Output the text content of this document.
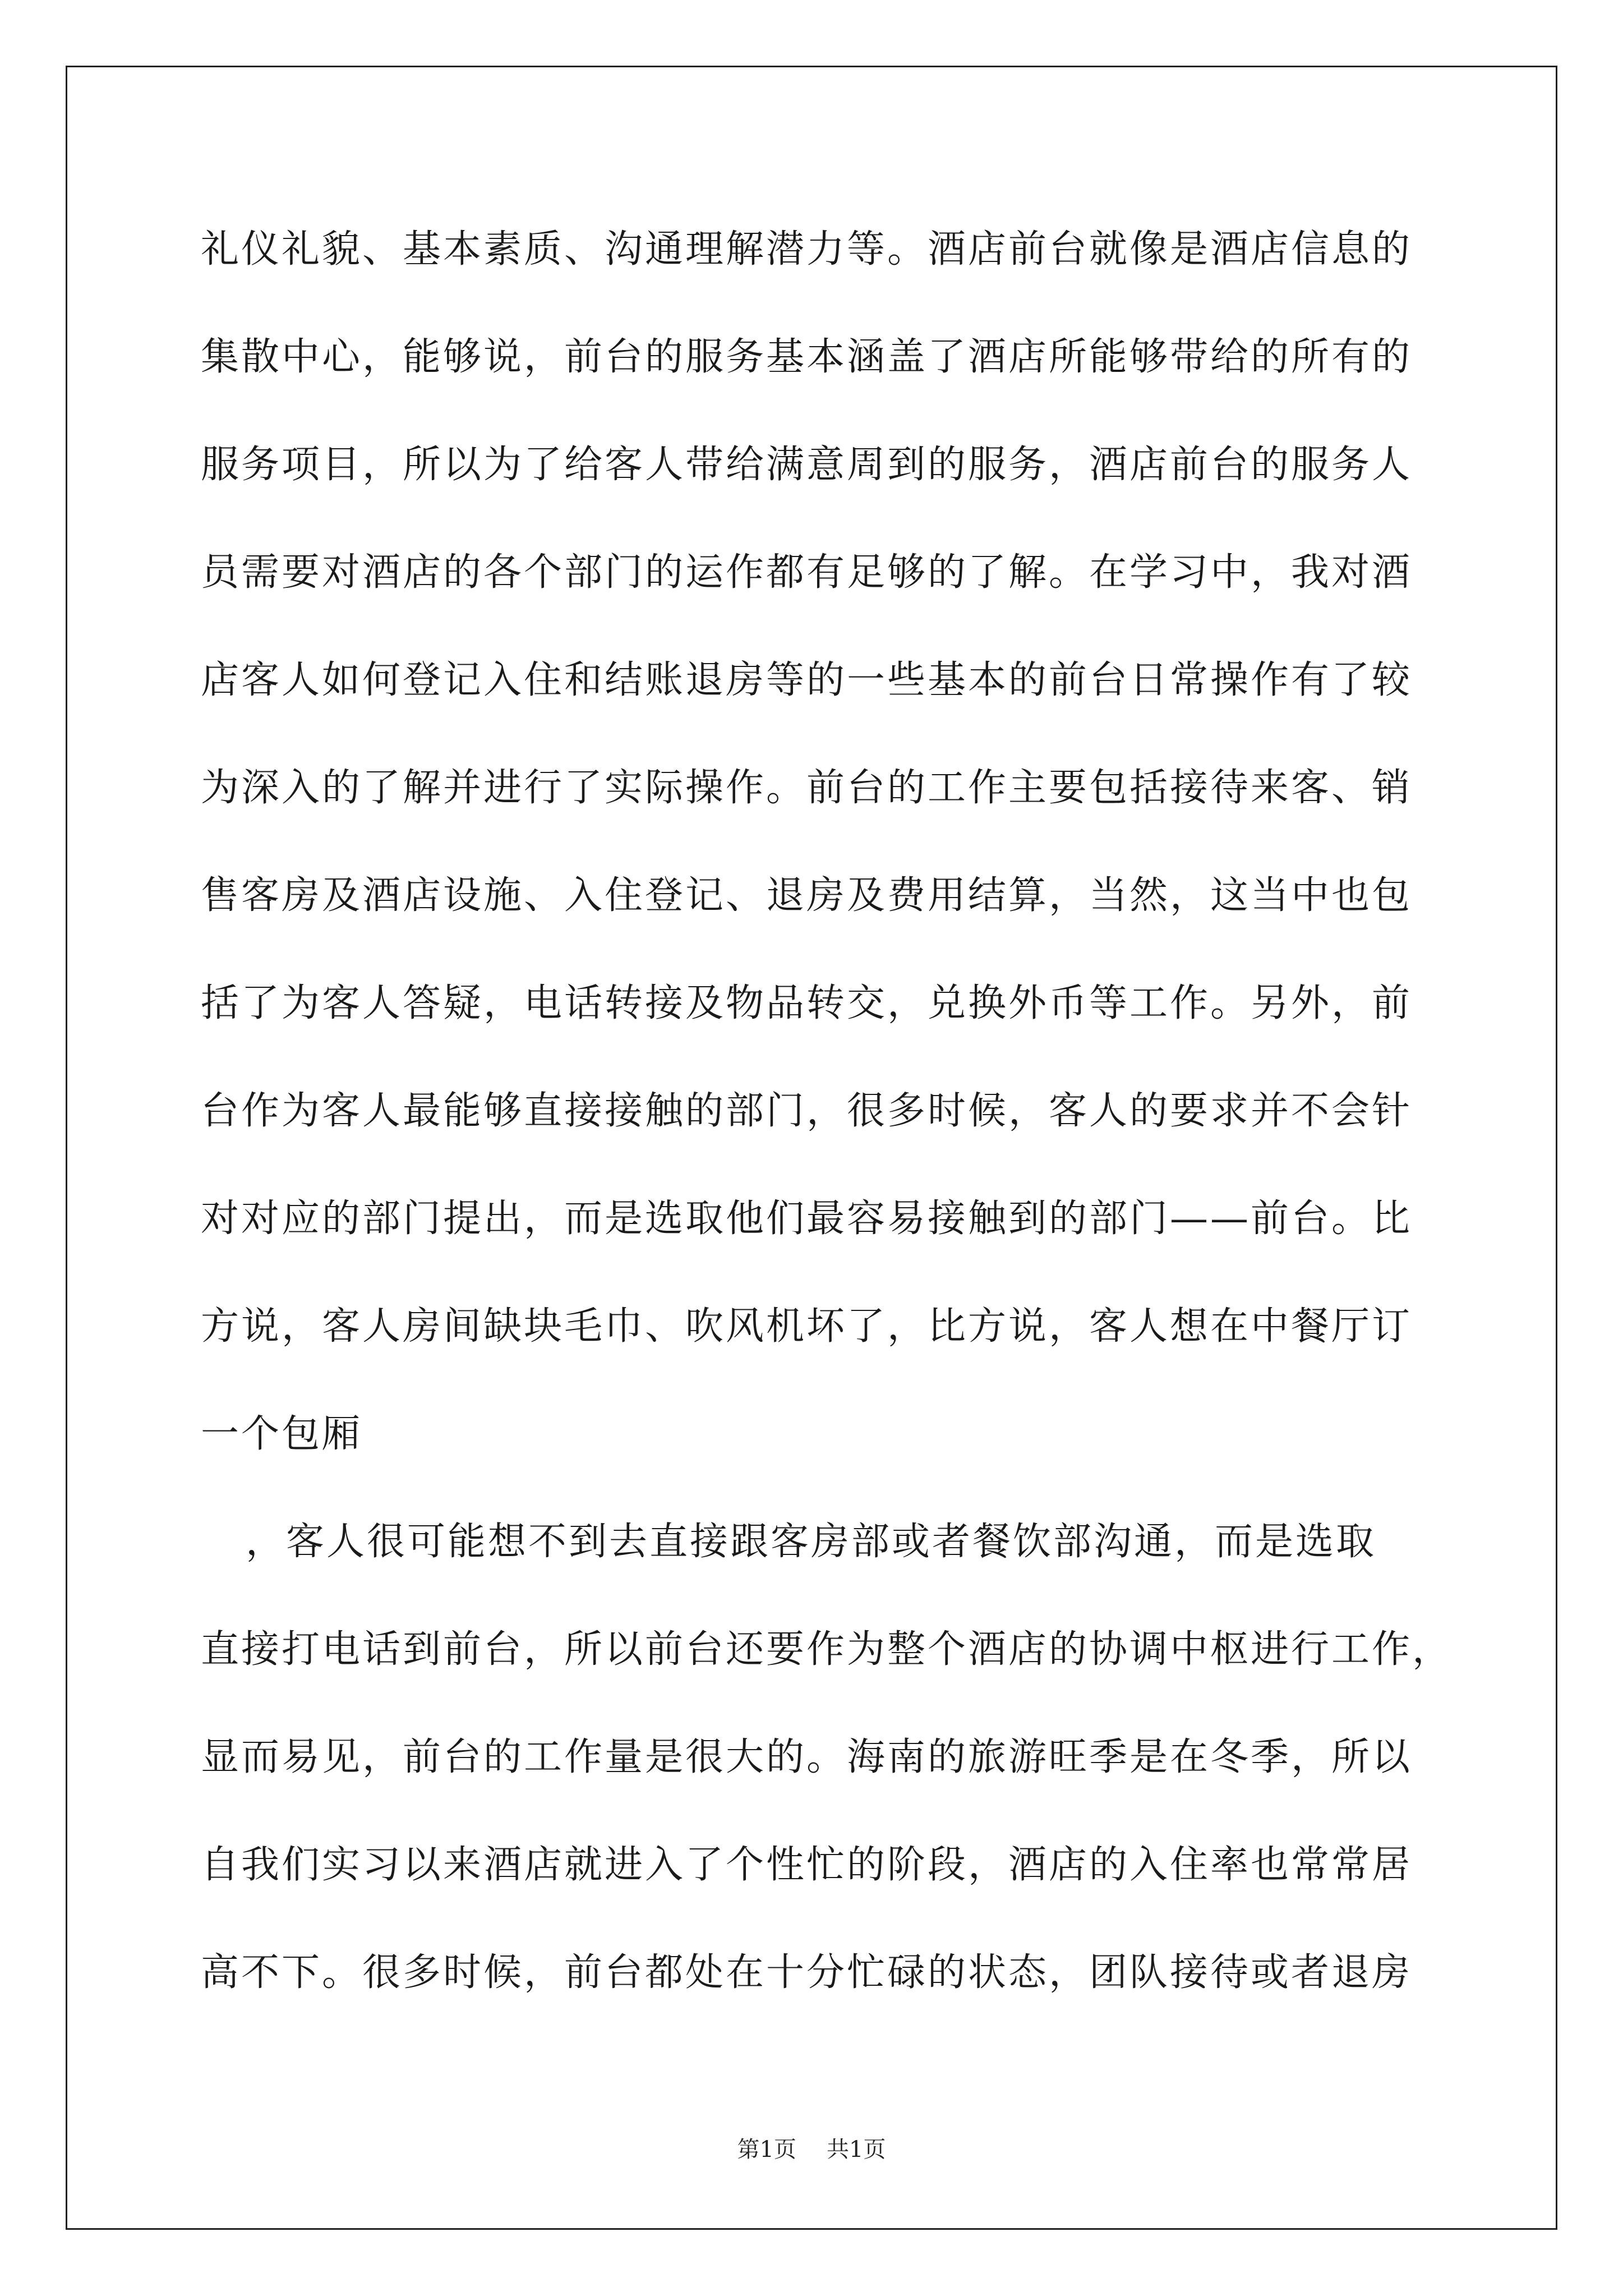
礼仪礼貌、基本素质、沟通理解潜力等。酒店前台就像是酒店信息的
集散中心，能够说，前台的服务基本涵盖了酒店所能够带给的所有的
服务项目，所以为了给客人带给满意周到的服务，酒店前台的服务人
员需要对酒店的各个部门的运作都有足够的了解。在学习中，我对酒
店客人如何登记入住和结账退房等的一些基本的前台日常操作有了较
为深入的了解并进行了实际操作。前台的工作主要包括接待来客、销
售客房及酒店设施、入住登记、退房及费用结算，当然，这当中也包
括了为客人答疑，电话转接及物品转交，兑换外币等工作。另外，前
台作为客人最能够直接接触的部门，很多时候，客人的要求并不会针
对对应的部门提出，而是选取他们最容易接触到的部门——前台。比
方说，客人房间缺块毛巾、吹风机坏了，比方说，客人想在中餐厅订
一个包厢
，客人很可能想不到去直接跟客房部或者餐饮部沟通，而是选取
直接打电话到前台，所以前台还要作为整个酒店的协调中枢进行工作，
显而易见，前台的工作量是很大的。海南的旅游旺季是在冬季，所以
自我们实习以来酒店就进入了个性忙的阶段，酒店的入住率也常常居
高不下。很多时候，前台都处在十分忙碌的状态，团队接待或者退房
第1页 共1页
